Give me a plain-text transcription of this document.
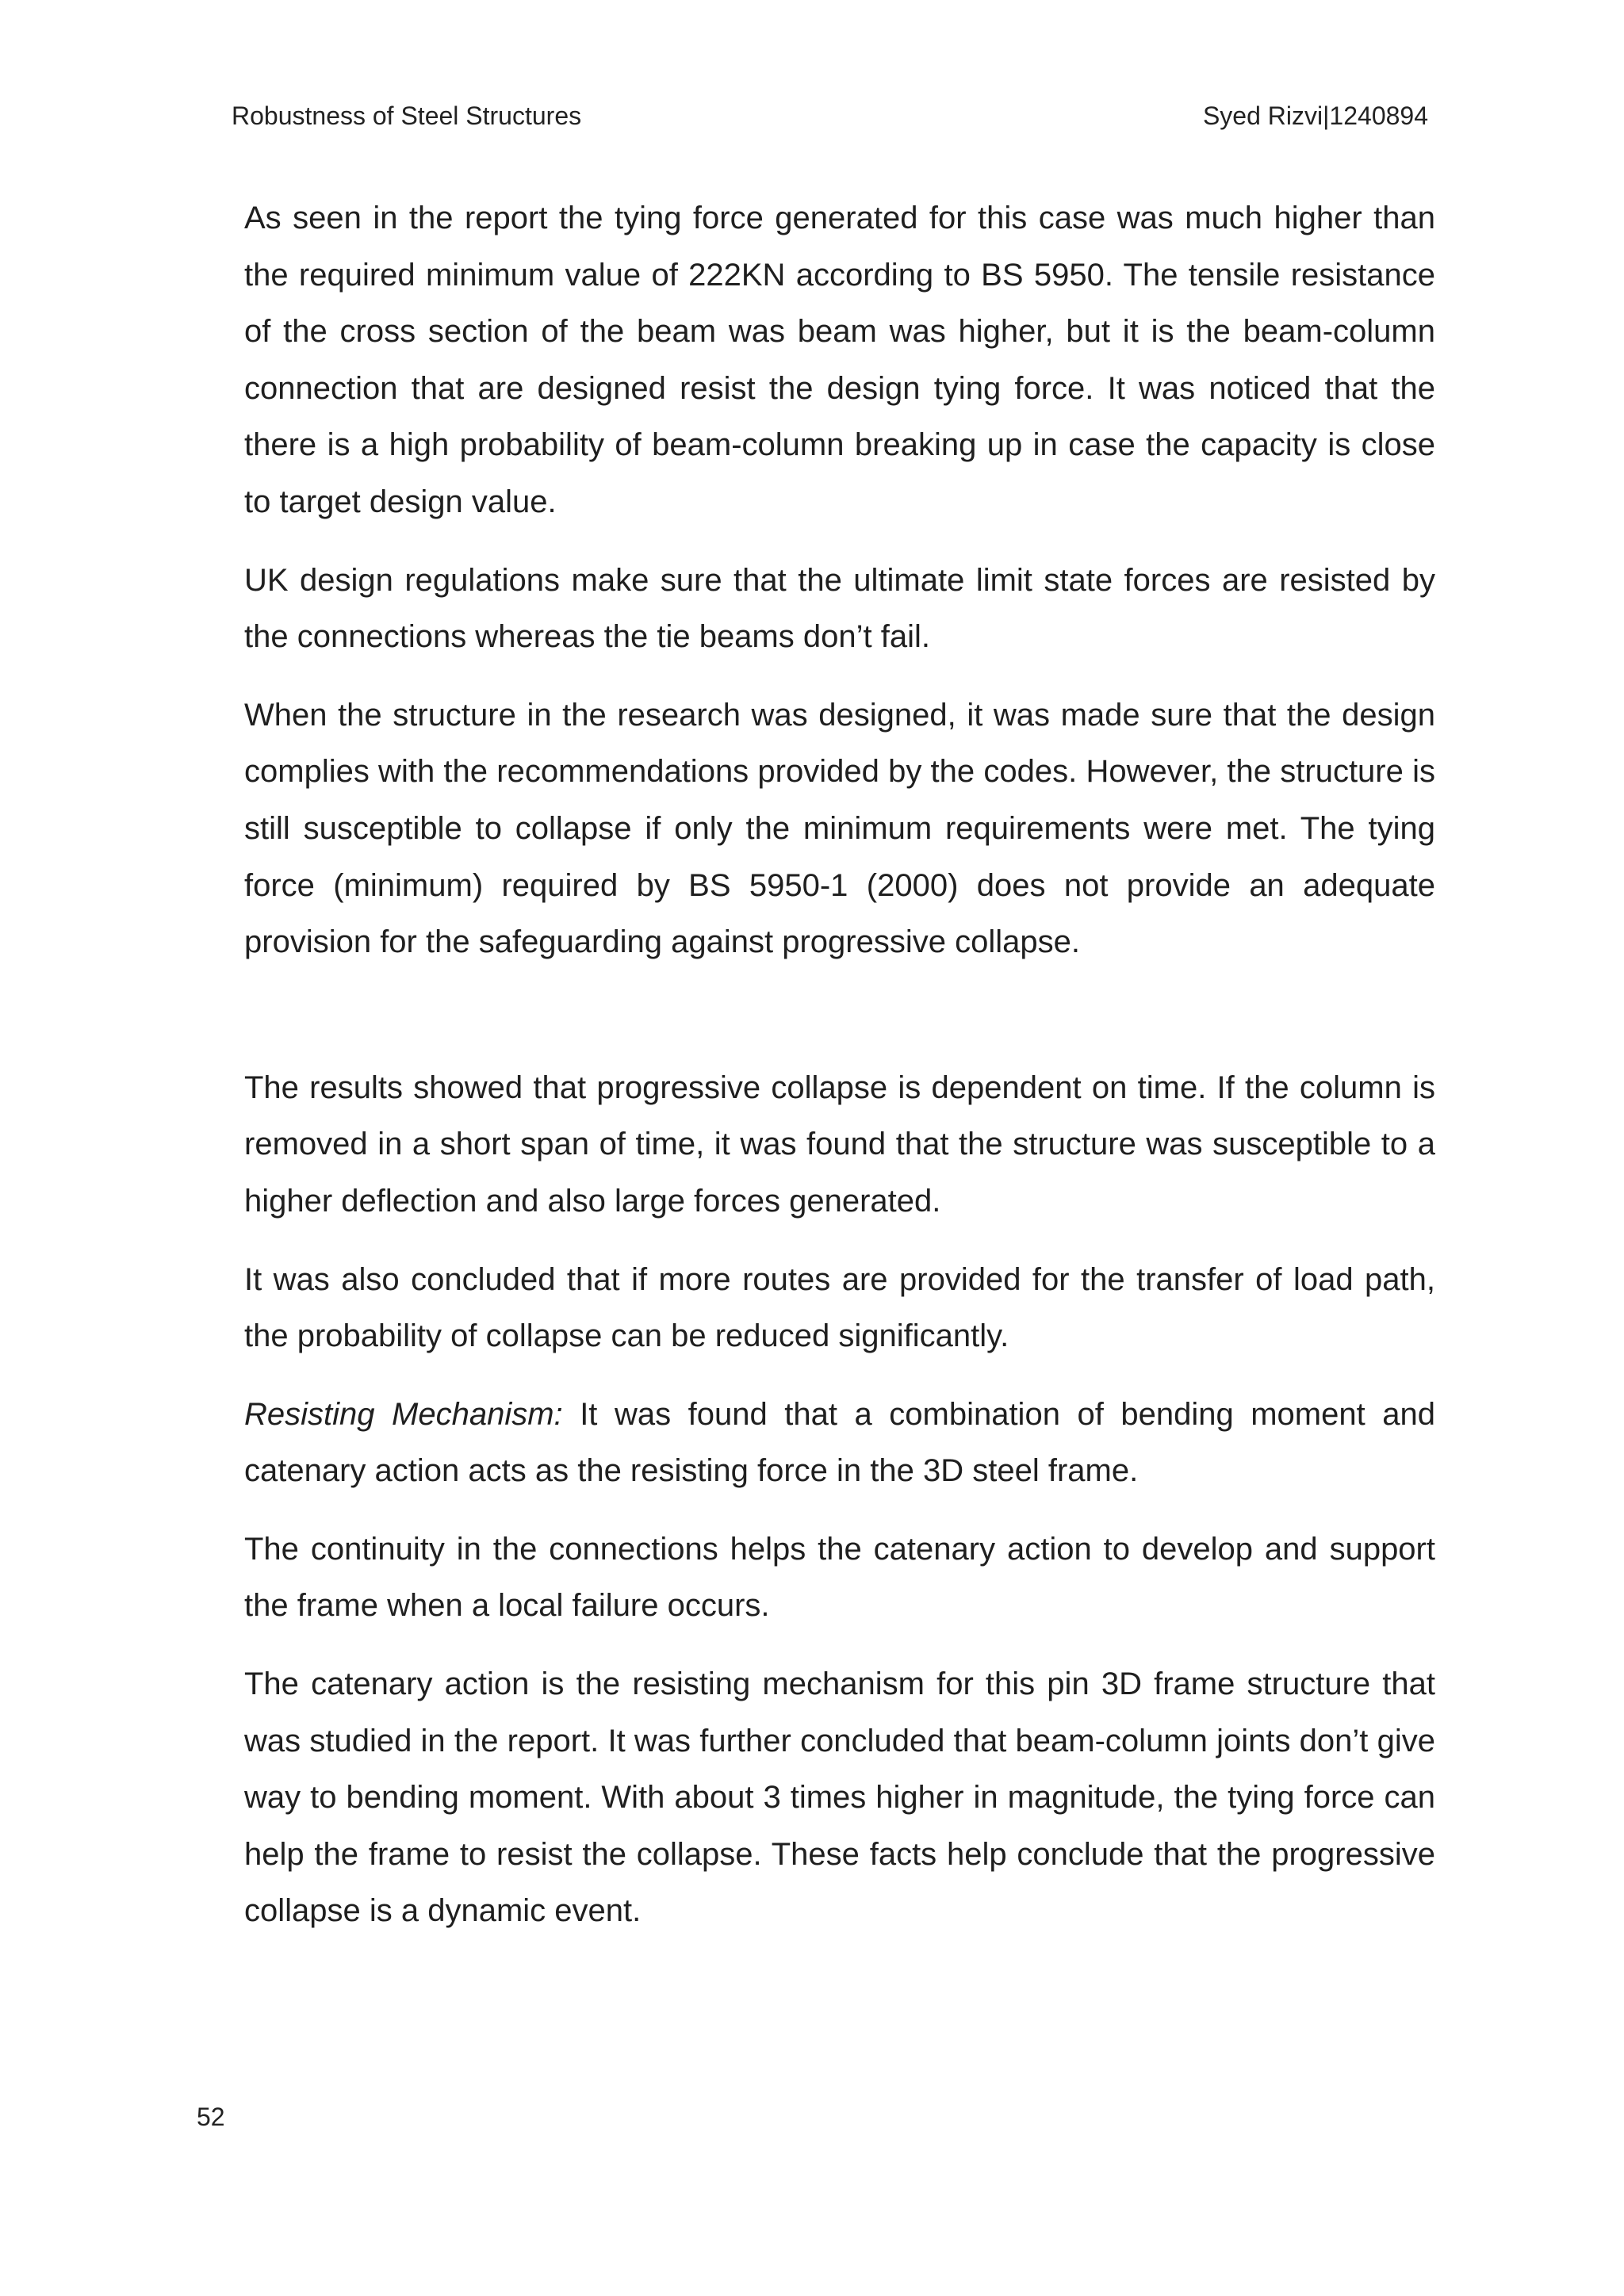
Robustness of Steel Structures	Syed Rizvi|1240894

As seen in the report the tying force generated for this case was much higher than the required minimum value of 222KN according to BS 5950. The tensile resistance of the cross section of the beam was beam was higher, but it is the beam-column connection that are designed resist the design tying force. It was noticed that the there is a high probability of beam-column breaking up in case the capacity is close to target design value.

UK design regulations make sure that the ultimate limit state forces are resisted by the connections whereas the tie beams don’t fail.

When the structure in the research was designed, it was made sure that the design complies with the recommendations provided by the codes. However, the structure is still susceptible to collapse if only the minimum requirements were met. The tying force (minimum) required by BS 5950-1 (2000) does not provide an adequate provision for the safeguarding against progressive collapse.

The results showed that progressive collapse is dependent on time. If the column is removed in a short span of time, it was found that the structure was susceptible to a higher deflection and also large forces generated.

It was also concluded that if more routes are provided for the transfer of load path, the probability of collapse can be reduced significantly.

Resisting Mechanism: It was found that a combination of bending moment and catenary action acts as the resisting force in the 3D steel frame.

The continuity in the connections helps the catenary action to develop and support the frame when a local failure occurs.

The catenary action is the resisting mechanism for this pin 3D frame structure that was studied in the report. It was further concluded that beam-column joints don’t give way to bending moment. With about 3 times higher in magnitude, the tying force can help the frame to resist the collapse. These facts help conclude that the progressive collapse is a dynamic event.

52
